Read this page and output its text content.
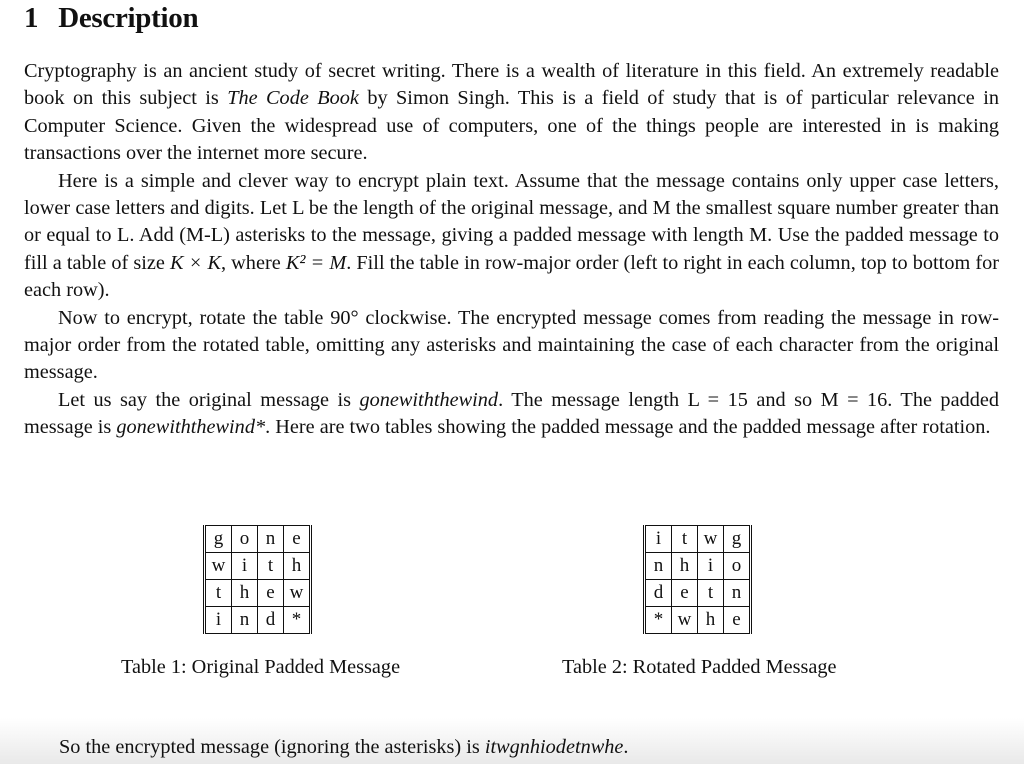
1 Description

Cryptography is an ancient study of secret writing. There is a wealth of literature in this field. An extremely readable book on this subject is The Code Book by Simon Singh. This is a field of study that is of particular relevance in Computer Science. Given the widespread use of computers, one of the things people are interested in is making transactions over the internet more secure.

Here is a simple and clever way to encrypt plain text. Assume that the message contains only upper case letters, lower case letters and digits. Let L be the length of the original message, and M the smallest square number greater than or equal to L. Add (M-L) asterisks to the message, giving a padded message with length M. Use the padded message to fill a table of size K × K, where K² = M. Fill the table in row-major order (left to right in each column, top to bottom for each row).

Now to encrypt, rotate the table 90° clockwise. The encrypted message comes from reading the message in row-major order from the rotated table, omitting any asterisks and maintaining the case of each character from the original message.

Let us say the original message is gonewiththewind. The message length L = 15 and so M = 16. The padded message is gonewiththewind*. Here are two tables showing the padded message and the padded message after rotation.

g	o	n	e
w	i	t	h
t	h	e	w
i	n	d	*
i	t	w	g
n	h	i	o
d	e	t	n
*	w	h	e
Table 1: Original Padded Message	Table 2: Rotated Padded Message
So the encrypted message (ignoring the asterisks) is itwgnhiodetnwhe.
